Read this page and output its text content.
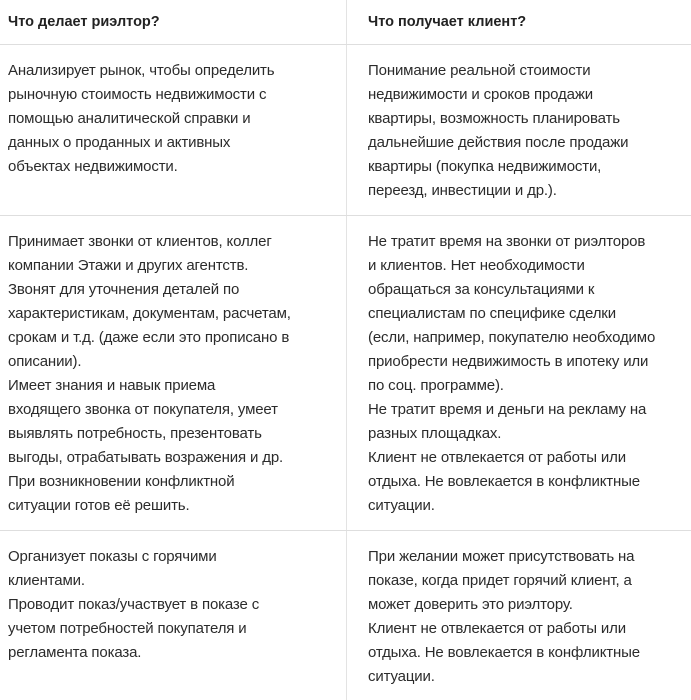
Что делает риэлтор?	Что получает клиент?
Анализирует рынок, чтобы определить
рыночную стоимость недвижимости с
помощью аналитической справки и
данных о проданных и активных
объектах недвижимости.
Понимание реальной стоимости
недвижимости и сроков продажи
квартиры, возможность планировать
дальнейшие действия после продажи
квартиры (покупка недвижимости,
переезд, инвестиции и др.).
Принимает звонки от клиентов, коллег
компании Этажи и других агентств.
Звонят для уточнения деталей по
характеристикам, документам, расчетам,
срокам и т.д. (даже если это прописано в
описании).
Имеет знания и навык приема
входящего звонка от покупателя, умеет
выявлять потребность, презентовать
выгоды, отрабатывать возражения и др.
При возникновении конфликтной
ситуации готов её решить.
Не тратит время на звонки от риэлторов
и клиентов. Нет необходимости
обращаться за консультациями к
специалистам по специфике сделки
(если, например, покупателю необходимо
приобрести недвижимость в ипотеку или
по соц. программе).
Не тратит время и деньги на рекламу на
разных площадках.
Клиент не отвлекается от работы или
отдыха. Не вовлекается в конфликтные
ситуации.
Организует показы с горячими
клиентами.
Проводит показ/участвует в показе с
учетом потребностей покупателя и
регламента показа.
При желании может присутствовать на
показе, когда придет горячий клиент, а
может доверить это риэлтору.
Клиент не отвлекается от работы или
отдыха. Не вовлекается в конфликтные
ситуации.
